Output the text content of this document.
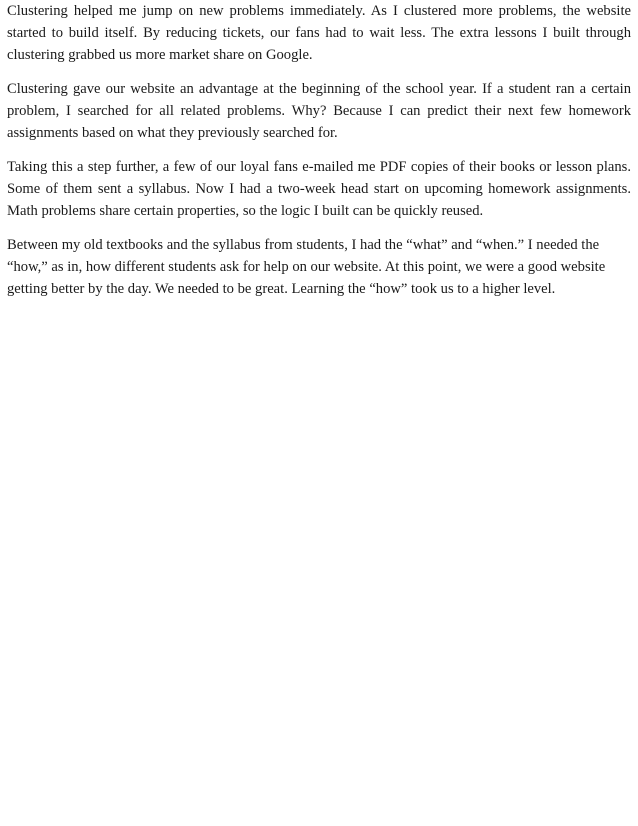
Clustering helped me jump on new problems immediately. As I clustered more problems, the website started to build itself. By reducing tickets, our fans had to wait less. The extra lessons I built through clustering grabbed us more market share on Google.

Clustering gave our website an advantage at the beginning of the school year. If a student ran a certain problem, I searched for all related problems. Why? Because I can predict their next few homework assignments based on what they previously searched for.

Taking this a step further, a few of our loyal fans e-mailed me PDF copies of their books or lesson plans. Some of them sent a syllabus. Now I had a two-week head start on upcoming homework assignments. Math problems share certain properties, so the logic I built can be quickly reused.

Between my old textbooks and the syllabus from students, I had the “what” and “when.” I needed the “how,” as in, how different students ask for help on our website. At this point, we were a good website getting better by the day. We needed to be great. Learning the “how” took us to a higher level.
